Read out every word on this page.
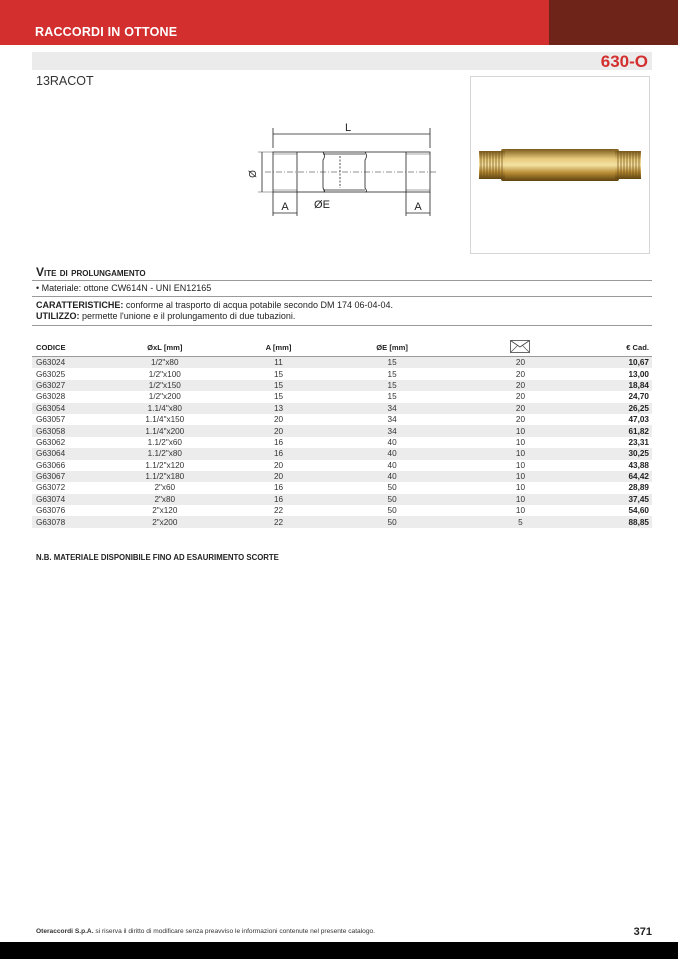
RACCORDI IN OTTONE
630-O
13RACOT
L
Ø
ØE
A	A
Vite di prolungamento
• Materiale: ottone CW614N - UNI EN12165
CARATTERISTICHE: conforme al trasporto di acqua potabile secondo DM 174 06-04-04.
UTILIZZO: permette l'unione e il prolungamento di due tubazioni.
CODICE	ØxL [mm]	A [mm]	ØE [mm]		€ Cad.
G63024	1/2"x80	11	15	20	10,67
G63025	1/2"x100	15	15	20	13,00
G63027	1/2"x150	15	15	20	18,84
G63028	1/2"x200	15	15	20	24,70
G63054	1.1/4"x80	13	34	20	26,25
G63057	1.1/4"x150	20	34	20	47,03
G63058	1.1/4"x200	20	34	10	61,82
G63062	1.1/2"x60	16	40	10	23,31
G63064	1.1/2"x80	16	40	10	30,25
G63066	1.1/2"x120	20	40	10	43,88
G63067	1.1/2"x180	20	40	10	64,42
G63072	2"x60	16	50	10	28,89
G63074	2"x80	16	50	10	37,45
G63076	2"x120	22	50	10	54,60
G63078	2"x200	22	50	5	88,85
N.B. MATERIALE DISPONIBILE FINO AD ESAURIMENTO SCORTE
Oteraccordi S.p.A. si riserva il diritto di modificare senza preavviso le informazioni contenute nel presente catalogo.	371
